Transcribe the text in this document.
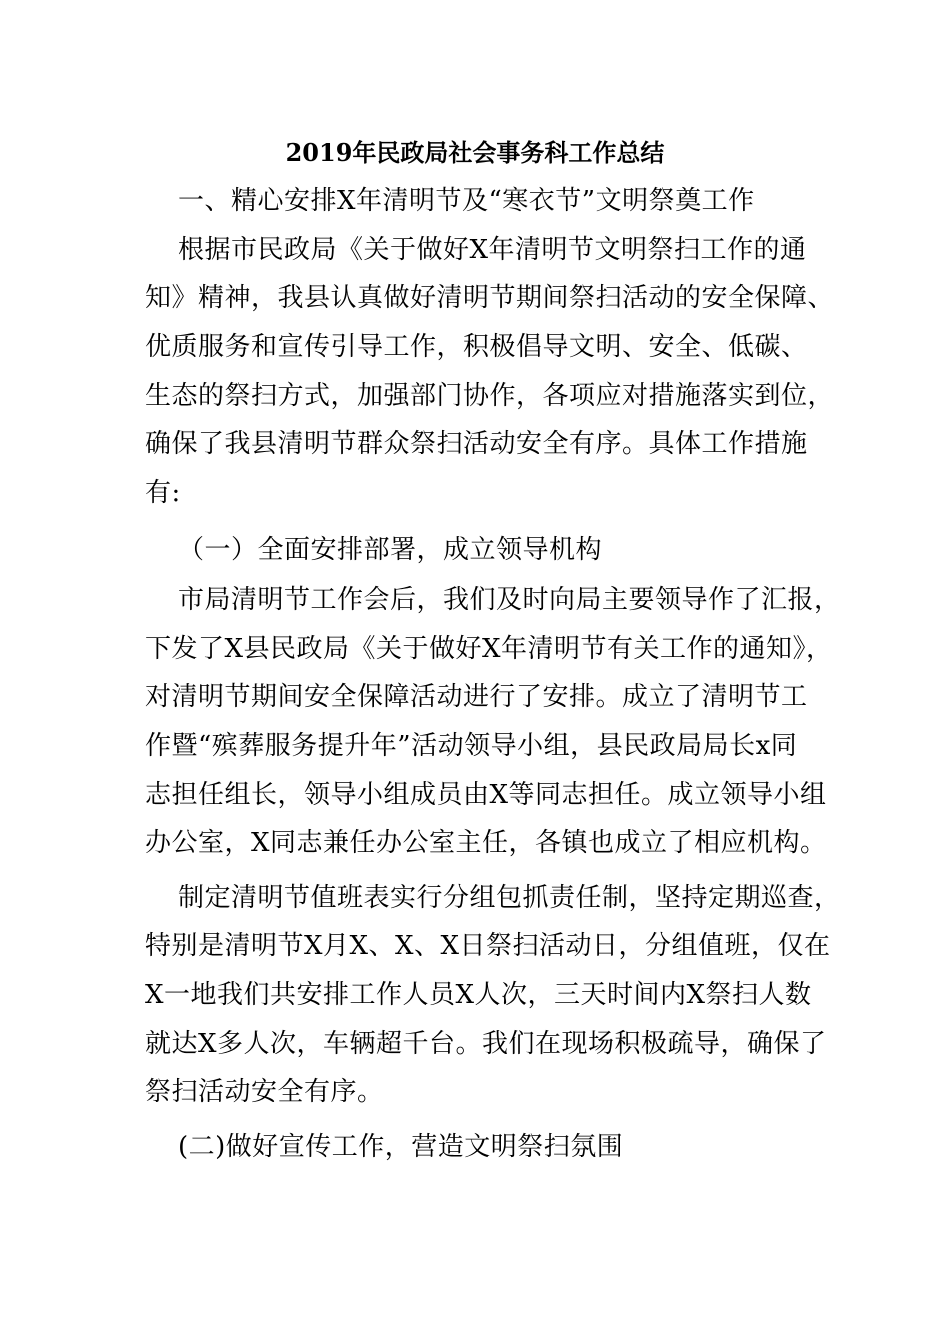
2019年民政局社会事务科工作总结
一、精心安排X年清明节及“寒衣节”文明祭奠工作
根据市民政局《关于做好X年清明节文明祭扫工作的通
知》精神，我县认真做好清明节期间祭扫活动的安全保障、
优质服务和宣传引导工作，积极倡导文明、安全、低碳、
生态的祭扫方式，加强部门协作，各项应对措施落实到位，
确保了我县清明节群众祭扫活动安全有序。具体工作措施
有:
（一）全面安排部署，成立领导机构
市局清明节工作会后，我们及时向局主要领导作了汇报，
下发了X县民政局《关于做好X年清明节有关工作的通知》，
对清明节期间安全保障活动进行了安排。成立了清明节工
作暨“殡葬服务提升年”活动领导小组，县民政局局长x同
志担任组长，领导小组成员由X等同志担任。成立领导小组
办公室，X同志兼任办公室主任，各镇也成立了相应机构。
制定清明节值班表实行分组包抓责任制，坚持定期巡查，
特别是清明节X月X、X、X日祭扫活动日，分组值班，仅在
X一地我们共安排工作人员X人次，三天时间内X祭扫人数
就达X多人次，车辆超千台。我们在现场积极疏导，确保了
祭扫活动安全有序。
(二)做好宣传工作，营造文明祭扫氛围
